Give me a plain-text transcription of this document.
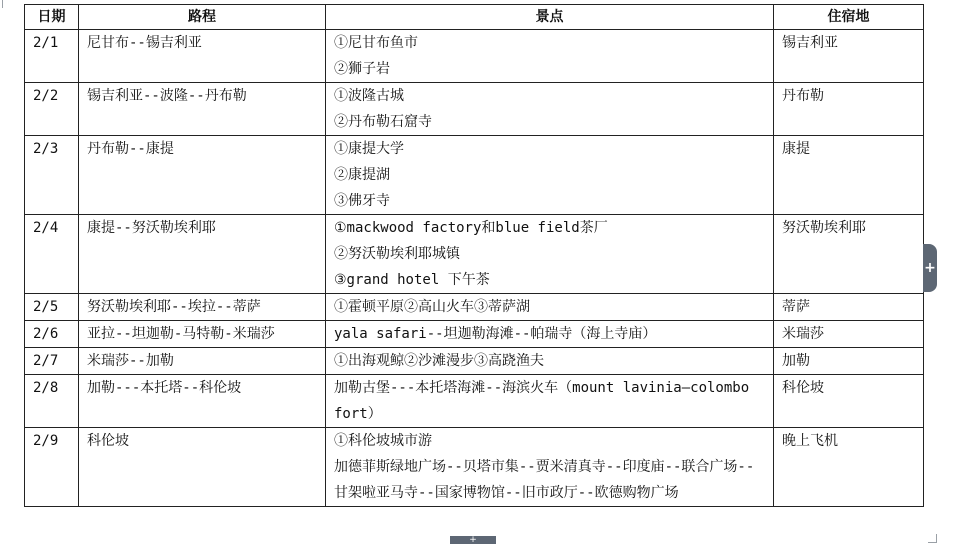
日期	路程	景点	住宿地
2/1	尼甘布--锡吉利亚	①尼甘布鱼市
②狮子岩	锡吉利亚
2/2	锡吉利亚--波隆--丹布勒	①波隆古城
②丹布勒石窟寺	丹布勒
2/3	丹布勒--康提	①康提大学
②康提湖
③佛牙寺	康提
2/4	康提--努沃勒埃利耶	①mackwood factory和blue field茶厂
②努沃勒埃利耶城镇
③grand hotel 下午茶	努沃勒埃利耶
2/5	努沃勒埃利耶--埃拉--蒂萨	①霍顿平原②高山火车③蒂萨湖	蒂萨
2/6	亚拉--坦迦勒-马特勒-米瑞莎	yala safari--坦迦勒海滩--帕瑞寺（海上寺庙）	米瑞莎
2/7	米瑞莎--加勒	①出海观鲸②沙滩漫步③高跷渔夫	加勒
2/8	加勒---本托塔--科伦坡	加勒古堡---本托塔海滩--海滨火车（mount lavinia—colombo fort）	科伦坡
2/9	科伦坡	①科伦坡城市游
加德菲斯绿地广场--贝塔市集--贾米清真寺--印度庙--联合广场--甘架啦亚马寺--国家博物馆--旧市政厅--欧德购物广场	晚上飞机
+
+
